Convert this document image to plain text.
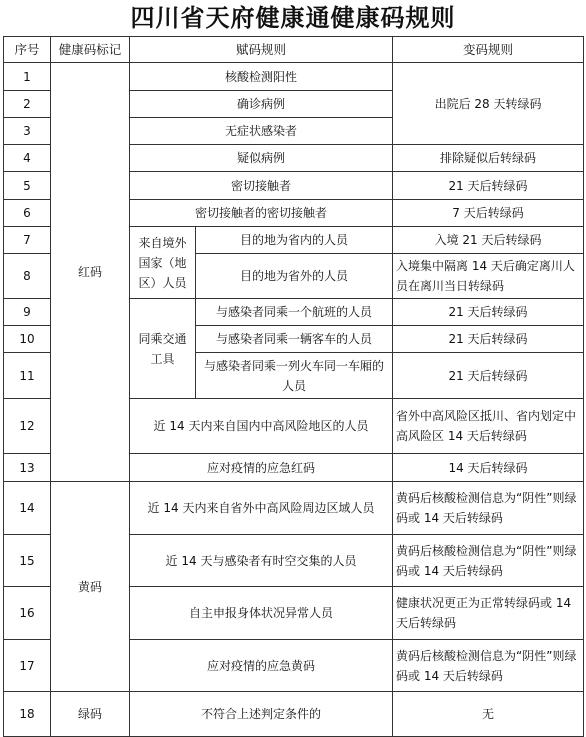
四川省天府健康通健康码规则
序号	健康码标记	赋码规则		变码规则
1	红码	核酸检测阳性		出院后 28 天转绿码
2		确诊病例		
3		无症状感染者		
4		疑似病例		排除疑似后转绿码
5		密切接触者		21 天后转绿码
6		密切接触者的密切接触者		7 天后转绿码
7		来自境外国家（地区）人员	目的地为省内的人员	入境 21 天后转绿码
8			目的地为省外的人员	入境集中隔离 14 天后确定离川人员在离川当日转绿码
9		同乘交通工具	与感染者同乘一个航班的人员	21 天后转绿码
10			与感染者同乘一辆客车的人员	21 天后转绿码
11			与感染者同乘一列火车同一车厢的人员	21 天后转绿码
12		近 14 天内来自国内中高风险地区的人员		省外中高风险区抵川、省内划定中高风险区 14 天后转绿码
13		应对疫情的应急红码		14 天后转绿码
14	黄码	近 14 天内来自省外中高风险周边区域人员		黄码后核酸检测信息为“阴性”则绿码或 14 天后转绿码
15		近 14 天与感染者有时空交集的人员		黄码后核酸检测信息为“阴性”则绿码或 14 天后转绿码
16		自主申报身体状况异常人员		健康状况更正为正常转绿码或 14 天后转绿码
17		应对疫情的应急黄码		黄码后核酸检测信息为“阴性”则绿码或 14 天后转绿码
18	绿码	不符合上述判定条件的		无
